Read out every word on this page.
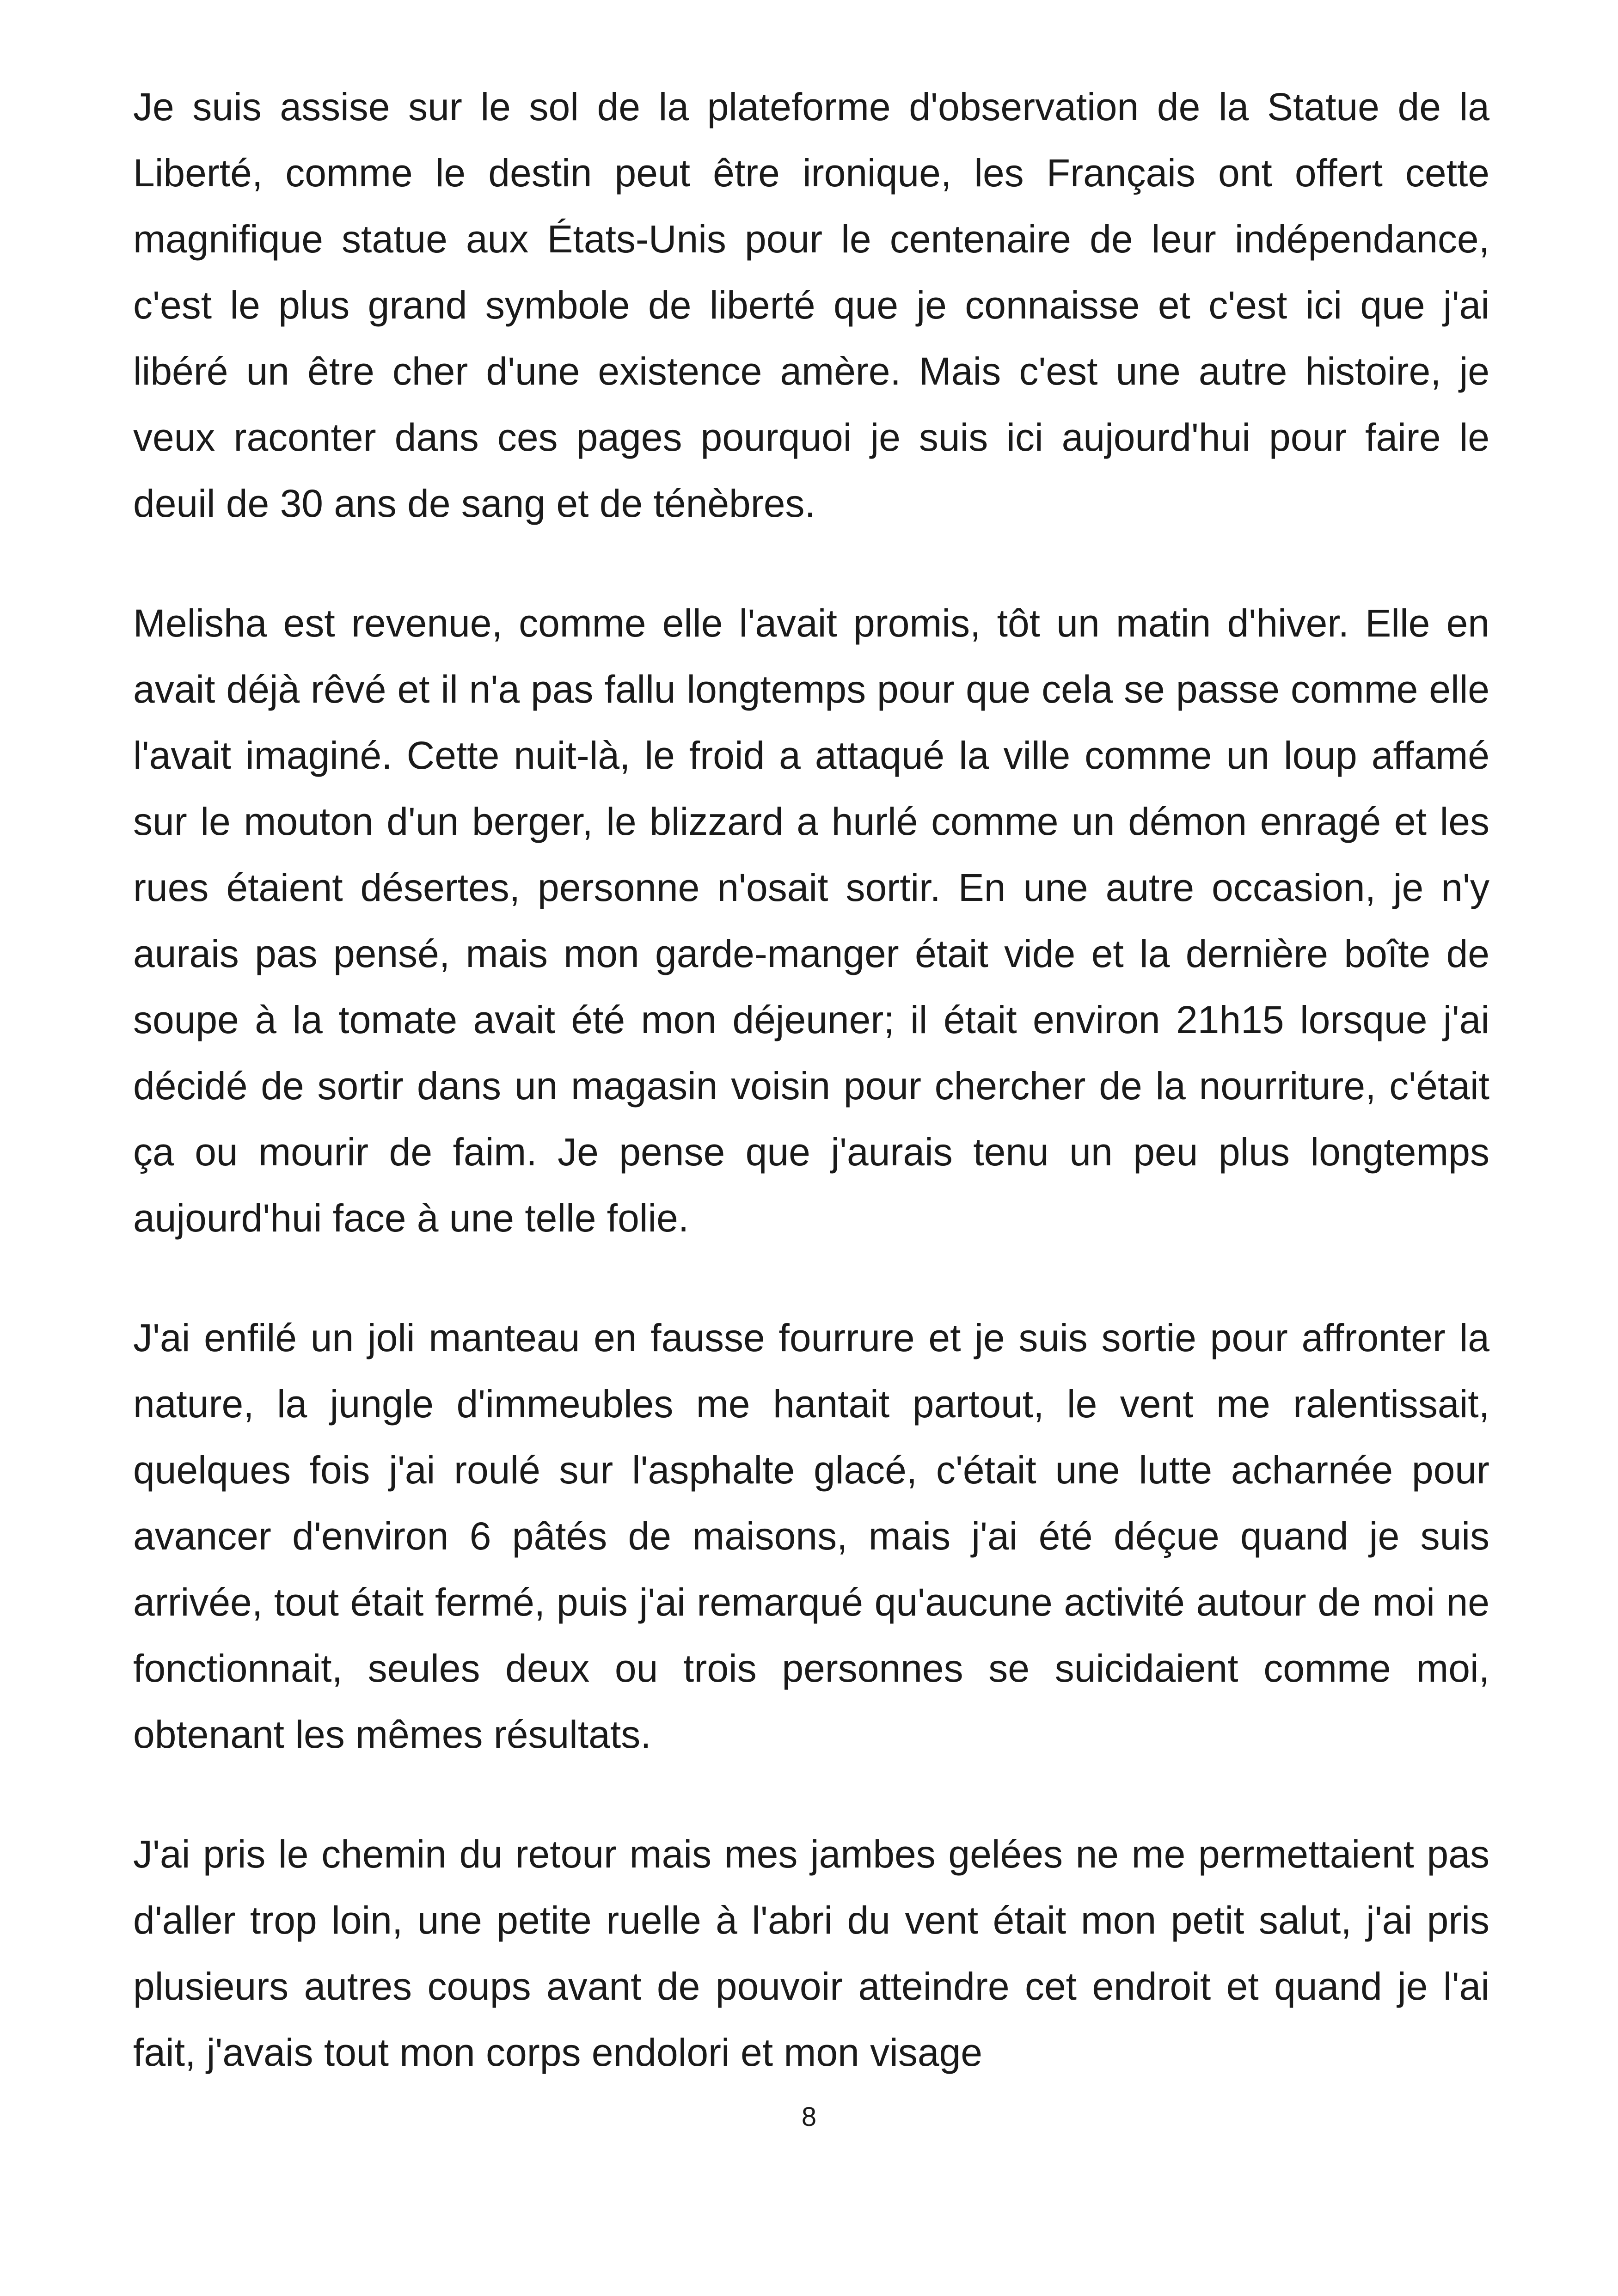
Je suis assise sur le sol de la plateforme d'observation de la Statue de la Liberté, comme le destin peut être ironique, les Français ont offert cette magnifique statue aux États-Unis pour le centenaire de leur indépendance, c'est le plus grand symbole de liberté que je connaisse et c'est ici que j'ai libéré un être cher d'une existence amère. Mais c'est une autre histoire, je veux raconter dans ces pages pourquoi je suis ici aujourd'hui pour faire le deuil de 30 ans de sang et de ténèbres.

Melisha est revenue, comme elle l'avait promis, tôt un matin d'hiver. Elle en avait déjà rêvé et il n'a pas fallu longtemps pour que cela se passe comme elle l'avait imaginé. Cette nuit-là, le froid a attaqué la ville comme un loup affamé sur le mouton d'un berger, le blizzard a hurlé comme un démon enragé et les rues étaient désertes, personne n'osait sortir. En une autre occasion, je n'y aurais pas pensé, mais mon garde-manger était vide et la dernière boîte de soupe à la tomate avait été mon déjeuner; il était environ 21h15 lorsque j'ai décidé de sortir dans un magasin voisin pour chercher de la nourriture, c'était ça ou mourir de faim. Je pense que j'aurais tenu un peu plus longtemps aujourd'hui face à une telle folie.

J'ai enfilé un joli manteau en fausse fourrure et je suis sortie pour affronter la nature, la jungle d'immeubles me hantait partout, le vent me ralentissait, quelques fois j'ai roulé sur l'asphalte glacé, c'était une lutte acharnée pour avancer d'environ 6 pâtés de maisons, mais j'ai été déçue quand je suis arrivée, tout était fermé, puis j'ai remarqué qu'aucune activité autour de moi ne fonctionnait, seules deux ou trois personnes se suicidaient comme moi, obtenant les mêmes résultats.

J'ai pris le chemin du retour mais mes jambes gelées ne me permettaient pas d'aller trop loin, une petite ruelle à l'abri du vent était mon petit salut, j'ai pris plusieurs autres coups avant de pouvoir atteindre cet endroit et quand je l'ai fait, j'avais tout mon corps endolori et mon visage

8
